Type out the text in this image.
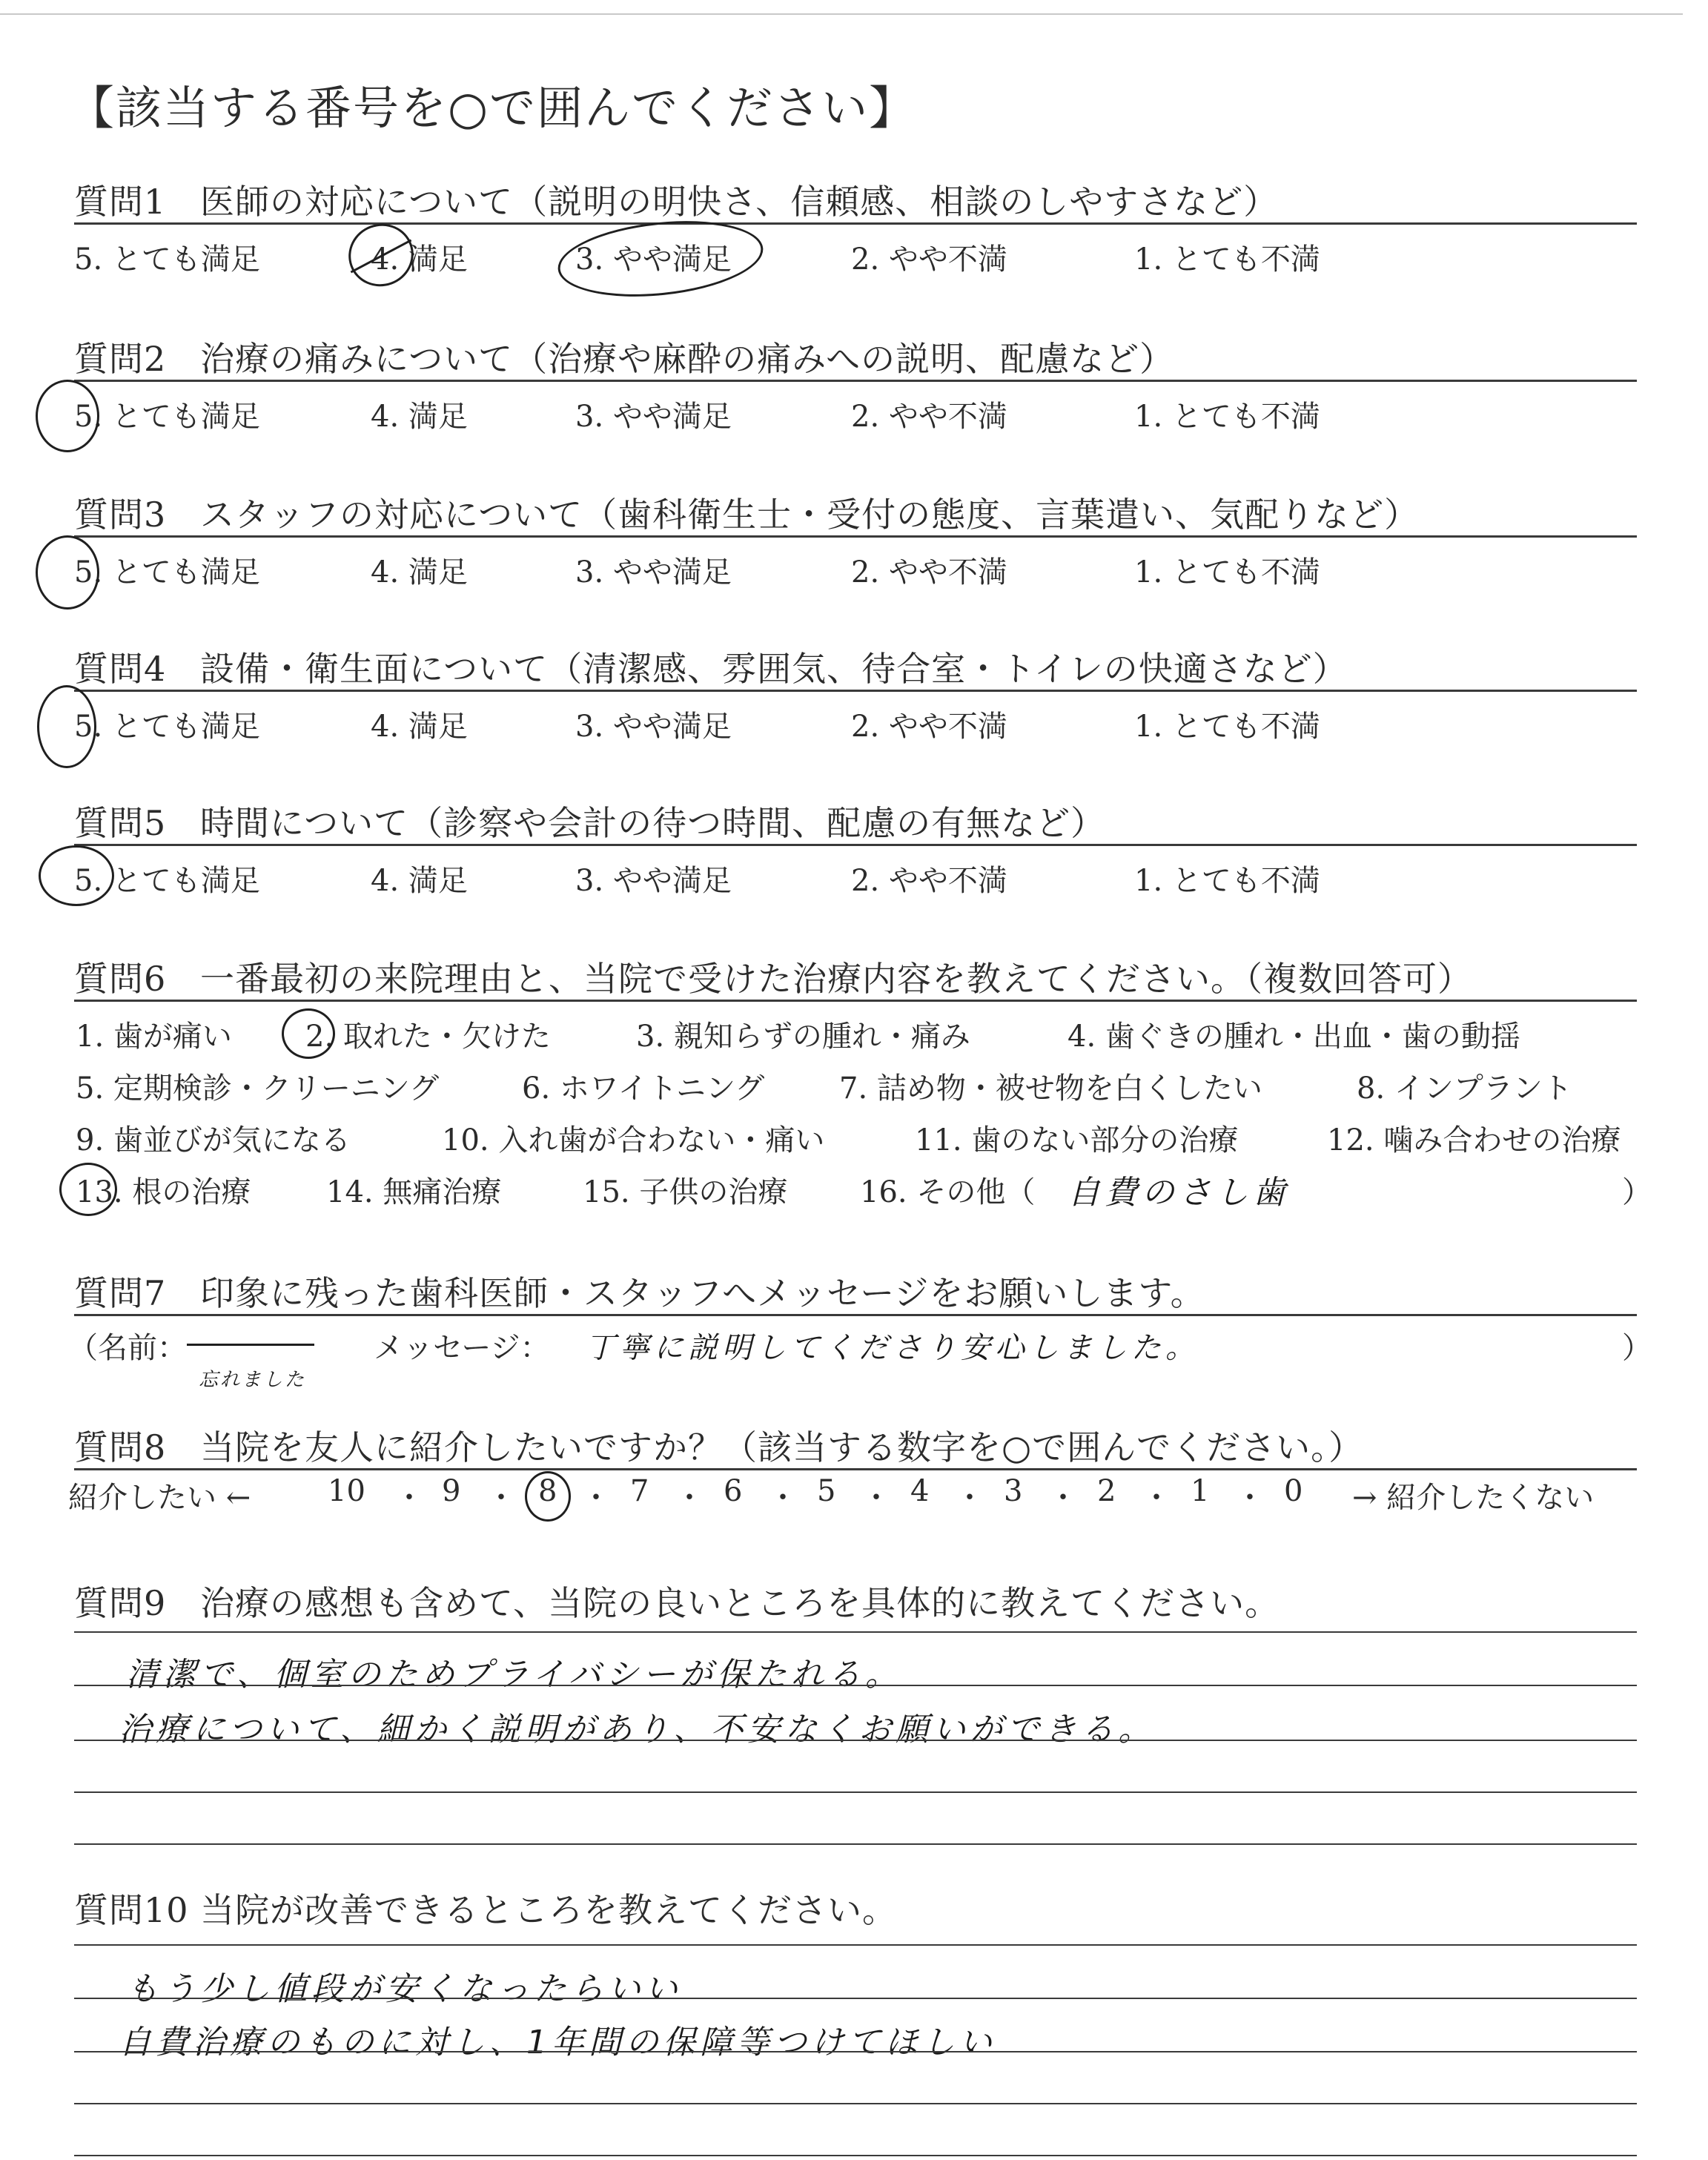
【該当する番号を○で囲んでください】
質問1 医師の対応について（説明の明快さ、信頼感、相談のしやすさなど）
5. とても満足	4. 満足	3. やや満足	2. やや不満	1. とても不満
質問2 治療の痛みについて（治療や麻酔の痛みへの説明、配慮など）
5. とても満足	4. 満足	3. やや満足	2. やや不満	1. とても不満
質問3 スタッフの対応について（歯科衛生士・受付の態度、言葉遣い、気配りなど）
5. とても満足	4. 満足	3. やや満足	2. やや不満	1. とても不満
質問4 設備・衛生面について（清潔感、雰囲気、待合室・トイレの快適さなど）
5. とても満足	4. 満足	3. やや満足	2. やや不満	1. とても不満
質問5 時間について（診察や会計の待つ時間、配慮の有無など）
5. とても満足	4. 満足	3. やや満足	2. やや不満	1. とても不満
質問6 一番最初の来院理由と、当院で受けた治療内容を教えてください。（複数回答可）
1. 歯が痛い 2. 取れた・欠けた	3. 親知らずの腫れ・痛み	4. 歯ぐきの腫れ・出血・歯の動揺
5. 定期検診・クリーニング	6. ホワイトニング	7. 詰め物・被せ物を白くしたい	8. インプラント
9. 歯並びが気になる	10. 入れ歯が合わない・痛い	11. 歯のない部分の治療	12. 噛み合わせの治療
13. 根の治療	14. 無痛治療	15. 子供の治療 16. その他（	）
自費のさし歯
質問7 印象に残った歯科医師・スタッフへメッセージをお願いします。
（名前：
忘れました
メッセージ： 丁寧に説明してくださり安心しました。	）
質問8 当院を友人に紹介したいですか？（該当する数字を○で囲んでください。）
紹介したい ←	10 ・ 9 ・ 8 ・ 7 ・ 6 ・ 5 ・ 4 ・ 3 ・ 2 ・ 1 ・ 0 → 紹介したくない
質問9 治療の感想も含めて、当院の良いところを具体的に教えてください。
清潔で、個室のためプライバシーが保たれる。
治療について、細かく説明があり、不安なくお願いができる。
質問10 当院が改善できるところを教えてください。
もう少し値段が安くなったらいい
自費治療のものに対し、1年間の保障等つけてほしい
